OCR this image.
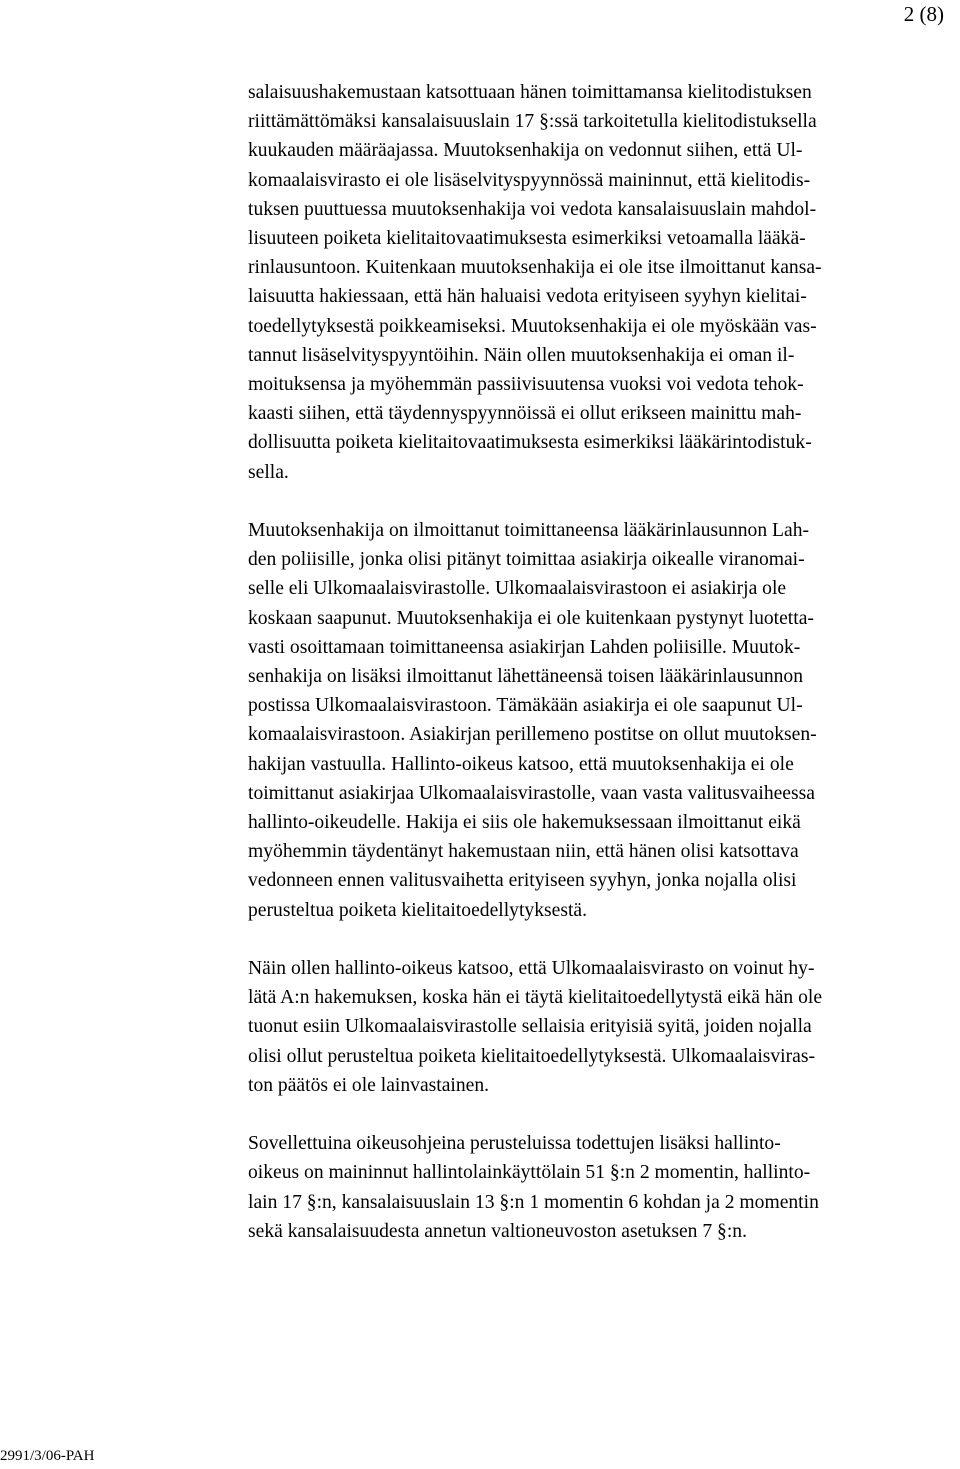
2 (8)
salaisuushakemustaan katsottuaan hänen toimittamansa kielitodistuksen
riittämättömäksi kansalaisuuslain 17 §:ssä tarkoitetulla kielitodistuksella
kuukauden määräajassa. Muutoksenhakija on vedonnut siihen, että Ul-
komaalaisvirasto ei ole lisäselvityspyynnössä maininnut, että kielitodis-
tuksen puuttuessa muutoksenhakija voi vedota kansalaisuuslain mahdol-
lisuuteen poiketa kielitaitovaatimuksesta esimerkiksi vetoamalla lääkä-
rinlausuntoon. Kuitenkaan muutoksenhakija ei ole itse ilmoittanut kansa-
laisuutta hakiessaan, että hän haluaisi vedota erityiseen syyhyn kielitai-
toedellytyksestä poikkeamiseksi. Muutoksenhakija ei ole myöskään vas-
tannut lisäselvityspyyntöihin. Näin ollen muutoksenhakija ei oman il-
moituksensa ja myöhemmän passiivisuutensa vuoksi voi vedota tehok-
kaasti siihen, että täydennyspyynnöissä ei ollut erikseen mainittu mah-
dollisuutta poiketa kielitaitovaatimuksesta esimerkiksi lääkärintodistuk-
sella.
Muutoksenhakija on ilmoittanut toimittaneensa lääkärinlausunnon Lah-
den poliisille, jonka olisi pitänyt toimittaa asiakirja oikealle viranomai-
selle eli Ulkomaalaisvirastolle. Ulkomaalaisvirastoon ei asiakirja ole
koskaan saapunut. Muutoksenhakija ei ole kuitenkaan pystynyt luotetta-
vasti osoittamaan toimittaneensa asiakirjan Lahden poliisille. Muutok-
senhakija on lisäksi ilmoittanut lähettäneensä toisen lääkärinlausunnon
postissa Ulkomaalaisvirastoon. Tämäkään asiakirja ei ole saapunut Ul-
komaalaisvirastoon. Asiakirjan perillemeno postitse on ollut muutoksen-
hakijan vastuulla. Hallinto-oikeus katsoo, että muutoksenhakija ei ole
toimittanut asiakirjaa Ulkomaalaisvirastolle, vaan vasta valitusvaiheessa
hallinto-oikeudelle. Hakija ei siis ole hakemuksessaan ilmoittanut eikä
myöhemmin täydentänyt hakemustaan niin, että hänen olisi katsottava
vedonneen ennen valitusvaihetta erityiseen syyhyn, jonka nojalla olisi
perusteltua poiketa kielitaitoedellytyksestä.
Näin ollen hallinto-oikeus katsoo, että Ulkomaalaisvirasto on voinut hy-
lätä A:n hakemuksen, koska hän ei täytä kielitaitoedellytystä eikä hän ole
tuonut esiin Ulkomaalaisvirastolle sellaisia erityisiä syitä, joiden nojalla
olisi ollut perusteltua poiketa kielitaitoedellytyksestä. Ulkomaalaisviras-
ton päätös ei ole lainvastainen.
Sovellettuina oikeusohjeina perusteluissa todettujen lisäksi hallinto-
oikeus on maininnut hallintolainkäyttölain 51 §:n 2 momentin, hallinto-
lain 17 §:n, kansalaisuuslain 13 §:n 1 momentin 6 kohdan ja 2 momentin
sekä kansalaisuudesta annetun valtioneuvoston asetuksen 7 §:n.
2991/3/06-PAH
